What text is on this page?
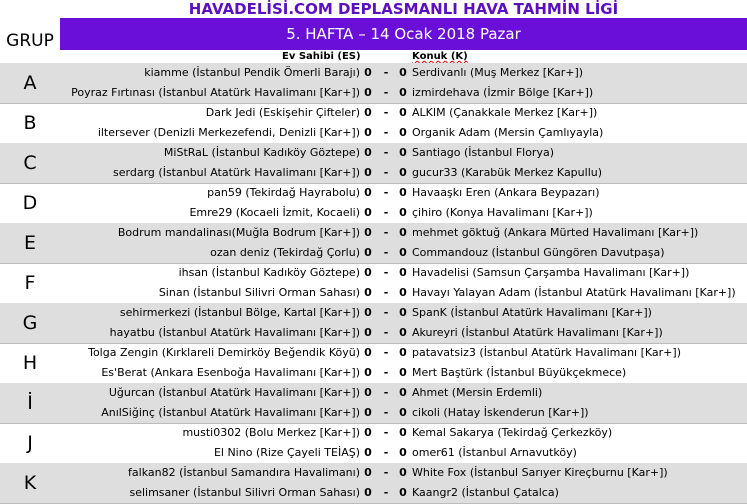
GRUP
HAVADELİSİ.COM DEPLASMANLI HAVA TAHMİN LİGİ
5. HAFTA – 14 Ocak 2018 Pazar
Ev Sahibi (ES)	Konuk (K)
kiamme (İstanbul Pendik Ömerli Barajı) 0	- 0 Serdivanlı (Muş Merkez [Kar+])
Poyraz Fırtınası (İstanbul Atatürk Havalimanı [Kar+]) 0	- 0 izmirdehava (İzmir Bölge [Kar+])
A
Dark Jedi (Eskişehir Çifteler) 0	- 0 ALKIM (Çanakkale Merkez [Kar+])
iltersever (Denizli Merkezefendi, Denizli [Kar+]) 0	- 0 Organik Adam (Mersin Çamlıyayla)
B
MiStRaL (İstanbul Kadıköy Göztepe) 0	- 0 Santiago (İstanbul Florya)
serdarg (İstanbul Atatürk Havalimanı [Kar+]) 0	- 0 gucur33 (Karabük Merkez Kapullu)
C
pan59 (Tekirdağ Hayrabolu) 0	- 0 Havaaşkı Eren (Ankara Beypazarı)
Emre29 (Kocaeli İzmit, Kocaeli) 0	- 0 çihiro (Konya Havalimanı [Kar+])
D
Bodrum mandalinası(Muğla Bodrum [Kar+]) 0	- 0 mehmet göktuğ (Ankara Mürted Havalimanı [Kar+])
ozan deniz (Tekirdağ Çorlu) 0	- 0 Commandouz (İstanbul Güngören Davutpaşa)
E
ihsan (İstanbul Kadıköy Göztepe) 0	- 0 Havadelisi (Samsun Çarşamba Havalimanı [Kar+])
Sinan (İstanbul Silivri Orman Sahası) 0	- 0 Havayı Yalayan Adam (İstanbul Atatürk Havalimanı [Kar+])
F
sehirmerkezi (İstanbul Bölge, Kartal [Kar+]) 0	- 0 SpanK (İstanbul Atatürk Havalimanı [Kar+])
hayatbu (İstanbul Atatürk Havalimanı [Kar+]) 0	- 0 Akureyri (İstanbul Atatürk Havalimanı [Kar+])
G
Tolga Zengin (Kırklareli Demirköy Beğendik Köyü) 0	- 0 patavatsiz3 (İstanbul Atatürk Havalimanı [Kar+])
Es'Berat (Ankara Esenboğa Havalimanı [Kar+]) 0	- 0 Mert Baştürk (İstanbul Büyükçekmece)
H
Uğurcan (İstanbul Atatürk Havalimanı [Kar+]) 0	- 0 Ahmet (Mersin Erdemli)
AnılSiğinç (İstanbul Atatürk Havalimanı [Kar+]) 0	- 0 cikoli (Hatay İskenderun [Kar+])
İ
musti0302 (Bolu Merkez [Kar+]) 0	- 0 Kemal Sakarya (Tekirdağ Çerkezköy)
El Nino (Rize Çayeli TEİAŞ) 0	- 0 omer61 (İstanbul Arnavutköy)
J
falkan82 (İstanbul Samandıra Havalimanı) 0	- 0 White Fox (İstanbul Sarıyer Kireçburnu [Kar+])
selimsaner (İstanbul Silivri Orman Sahası) 0	- 0 Kaangr2 (İstanbul Çatalca)
K
